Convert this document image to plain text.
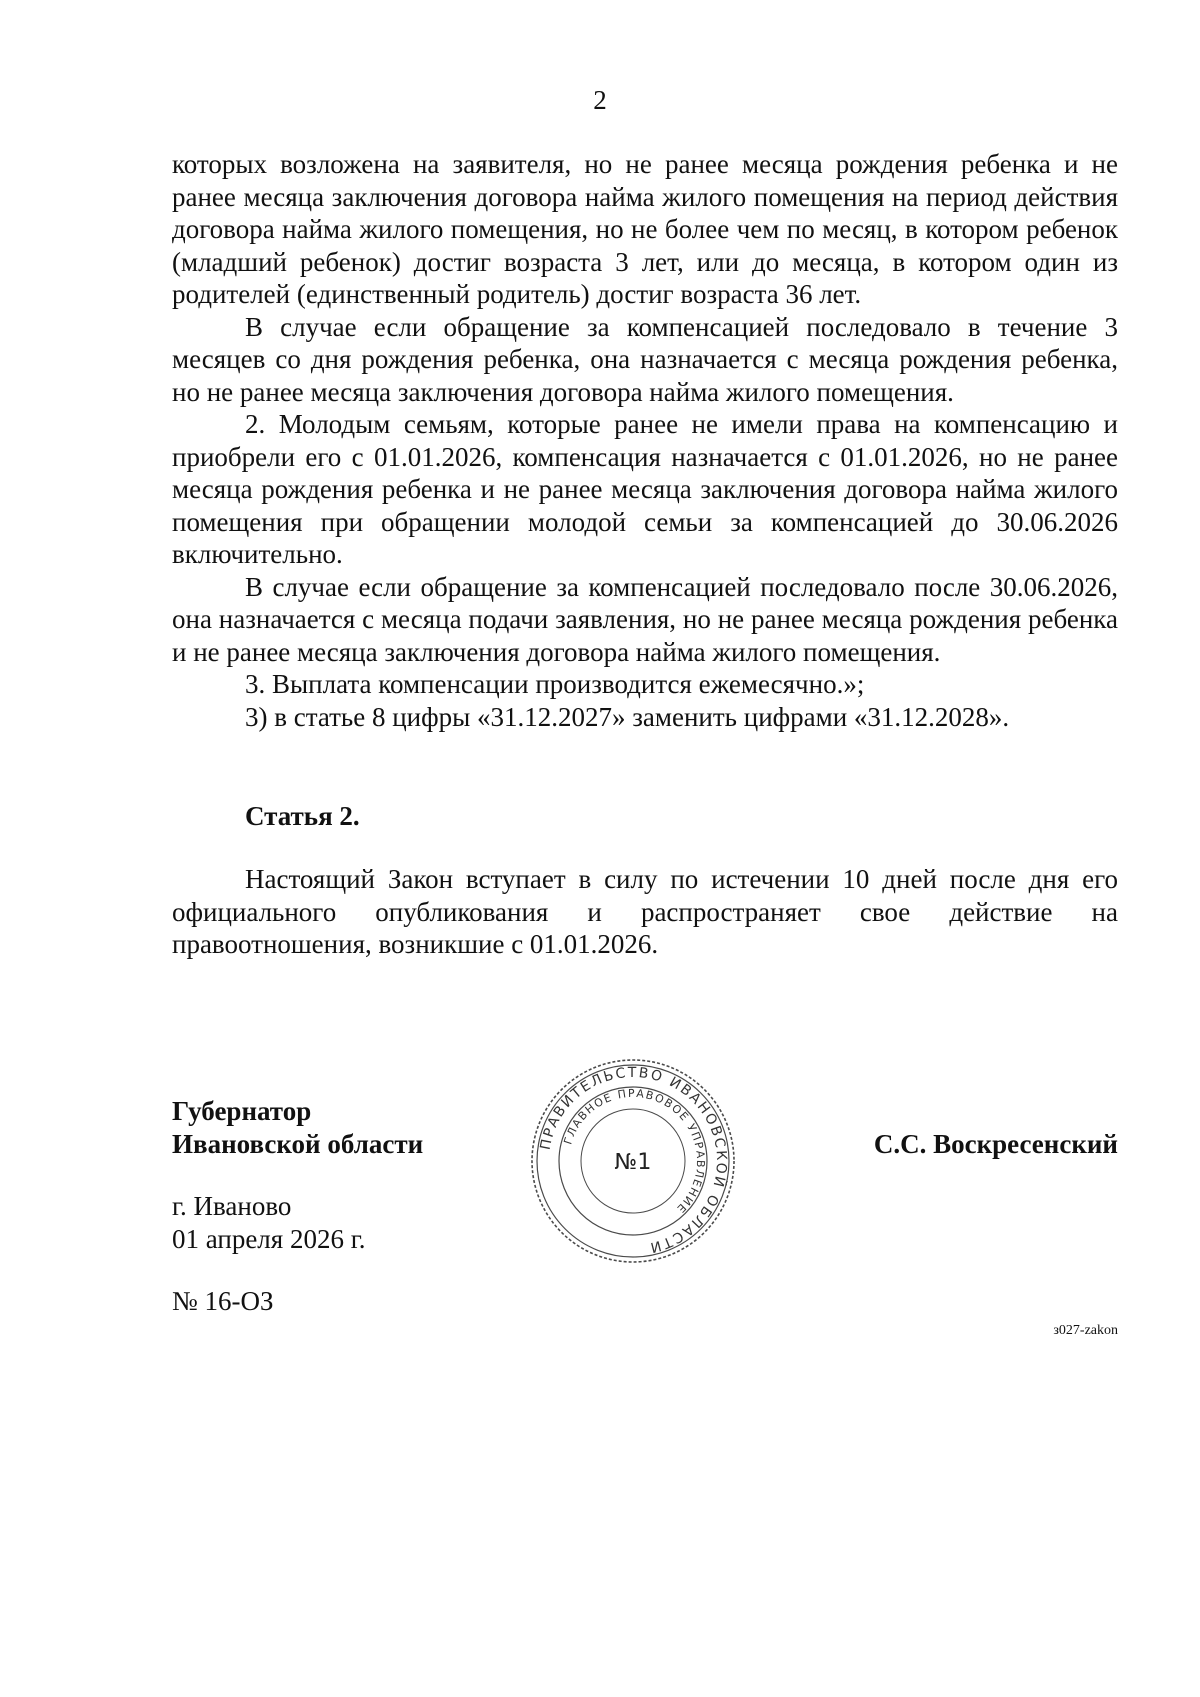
2

которых возложена на заявителя, но не ранее месяца рождения ребенка и не ранее месяца заключения договора найма жилого помещения на период действия договора найма жилого помещения, но не более чем по месяц, в котором ребенок (младший ребенок) достиг возраста 3 лет, или до месяца, в котором один из родителей (единственный родитель) достиг возраста 36 лет.

В случае если обращение за компенсацией последовало в течение 3 месяцев со дня рождения ребенка, она назначается с месяца рождения ребенка, но не ранее месяца заключения договора найма жилого помещения.

2. Молодым семьям, которые ранее не имели права на компенсацию и приобрели его с 01.01.2026, компенсация назначается с 01.01.2026, но не ранее месяца рождения ребенка и не ранее месяца заключения договора найма жилого помещения при обращении молодой семьи за компенсацией до 30.06.2026 включительно.

В случае если обращение за компенсацией последовало после 30.06.2026, она назначается с месяца подачи заявления, но не ранее месяца рождения ребенка и не ранее месяца заключения договора найма жилого помещения.

3. Выплата компенсации производится ежемесячно.»;

3) в статье 8 цифры «31.12.2027» заменить цифрами «31.12.2028».

Статья 2.

Настоящий Закон вступает в силу по истечении 10 дней после дня его официального опубликования и распространяет свое действие на правоотношения, возникшие с 01.01.2026.

Губернатор
Ивановской области	ПРАВИТЕЛЬСТВО ИВАНОВСКОЙ ОБЛАСТИ
ГЛАВНОЕ ПРАВОВОЕ УПРАВЛЕНИЕ
№1
С.С. Воскресенский
г. Иваново
01 апреля 2026 г.
№ 16-ОЗ
з027-zakon
